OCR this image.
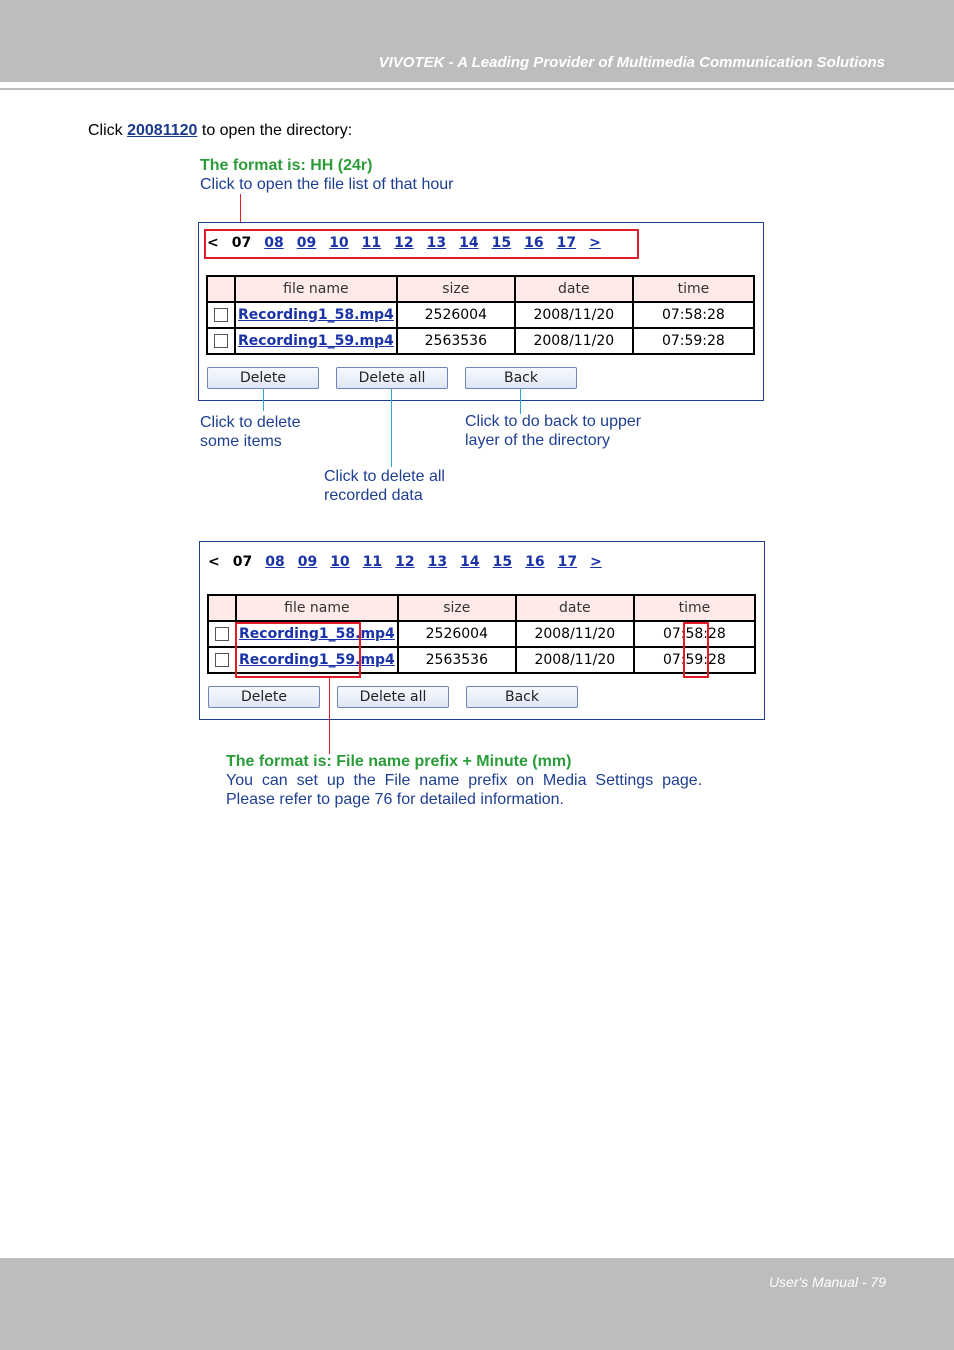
VIVOTEK - A Leading Provider of Multimedia Communication Solutions
Click 20081120 to open the directory:
The format is: HH (24r)
Click to open the file list of that hour
< 07 08 09 10 11 12 13 14 15 16 17 >
	file name	size	date	time
	Recording1_58.mp4	2526004	2008/11/20	07:58:28
	Recording1_59.mp4	2563536	2008/11/20	07:59:28
Delete	Delete all	Back
Click to delete
some items
Click to do back to upper
layer of the directory
Click to delete all
recorded data
< 07 08 09 10 11 12 13 14 15 16 17 >
	file name	size	date	time
	Recording1_58.mp4	2526004	2008/11/20	07:58:28
	Recording1_59.mp4	2563536	2008/11/20	07:59:28
Delete	Delete all	Back
The format is: File name prefix + Minute (mm)
You  can  set  up  the  File  name  prefix  on  Media  Settings  page.
Please refer to page 76 for detailed information.
User's Manual - 79
